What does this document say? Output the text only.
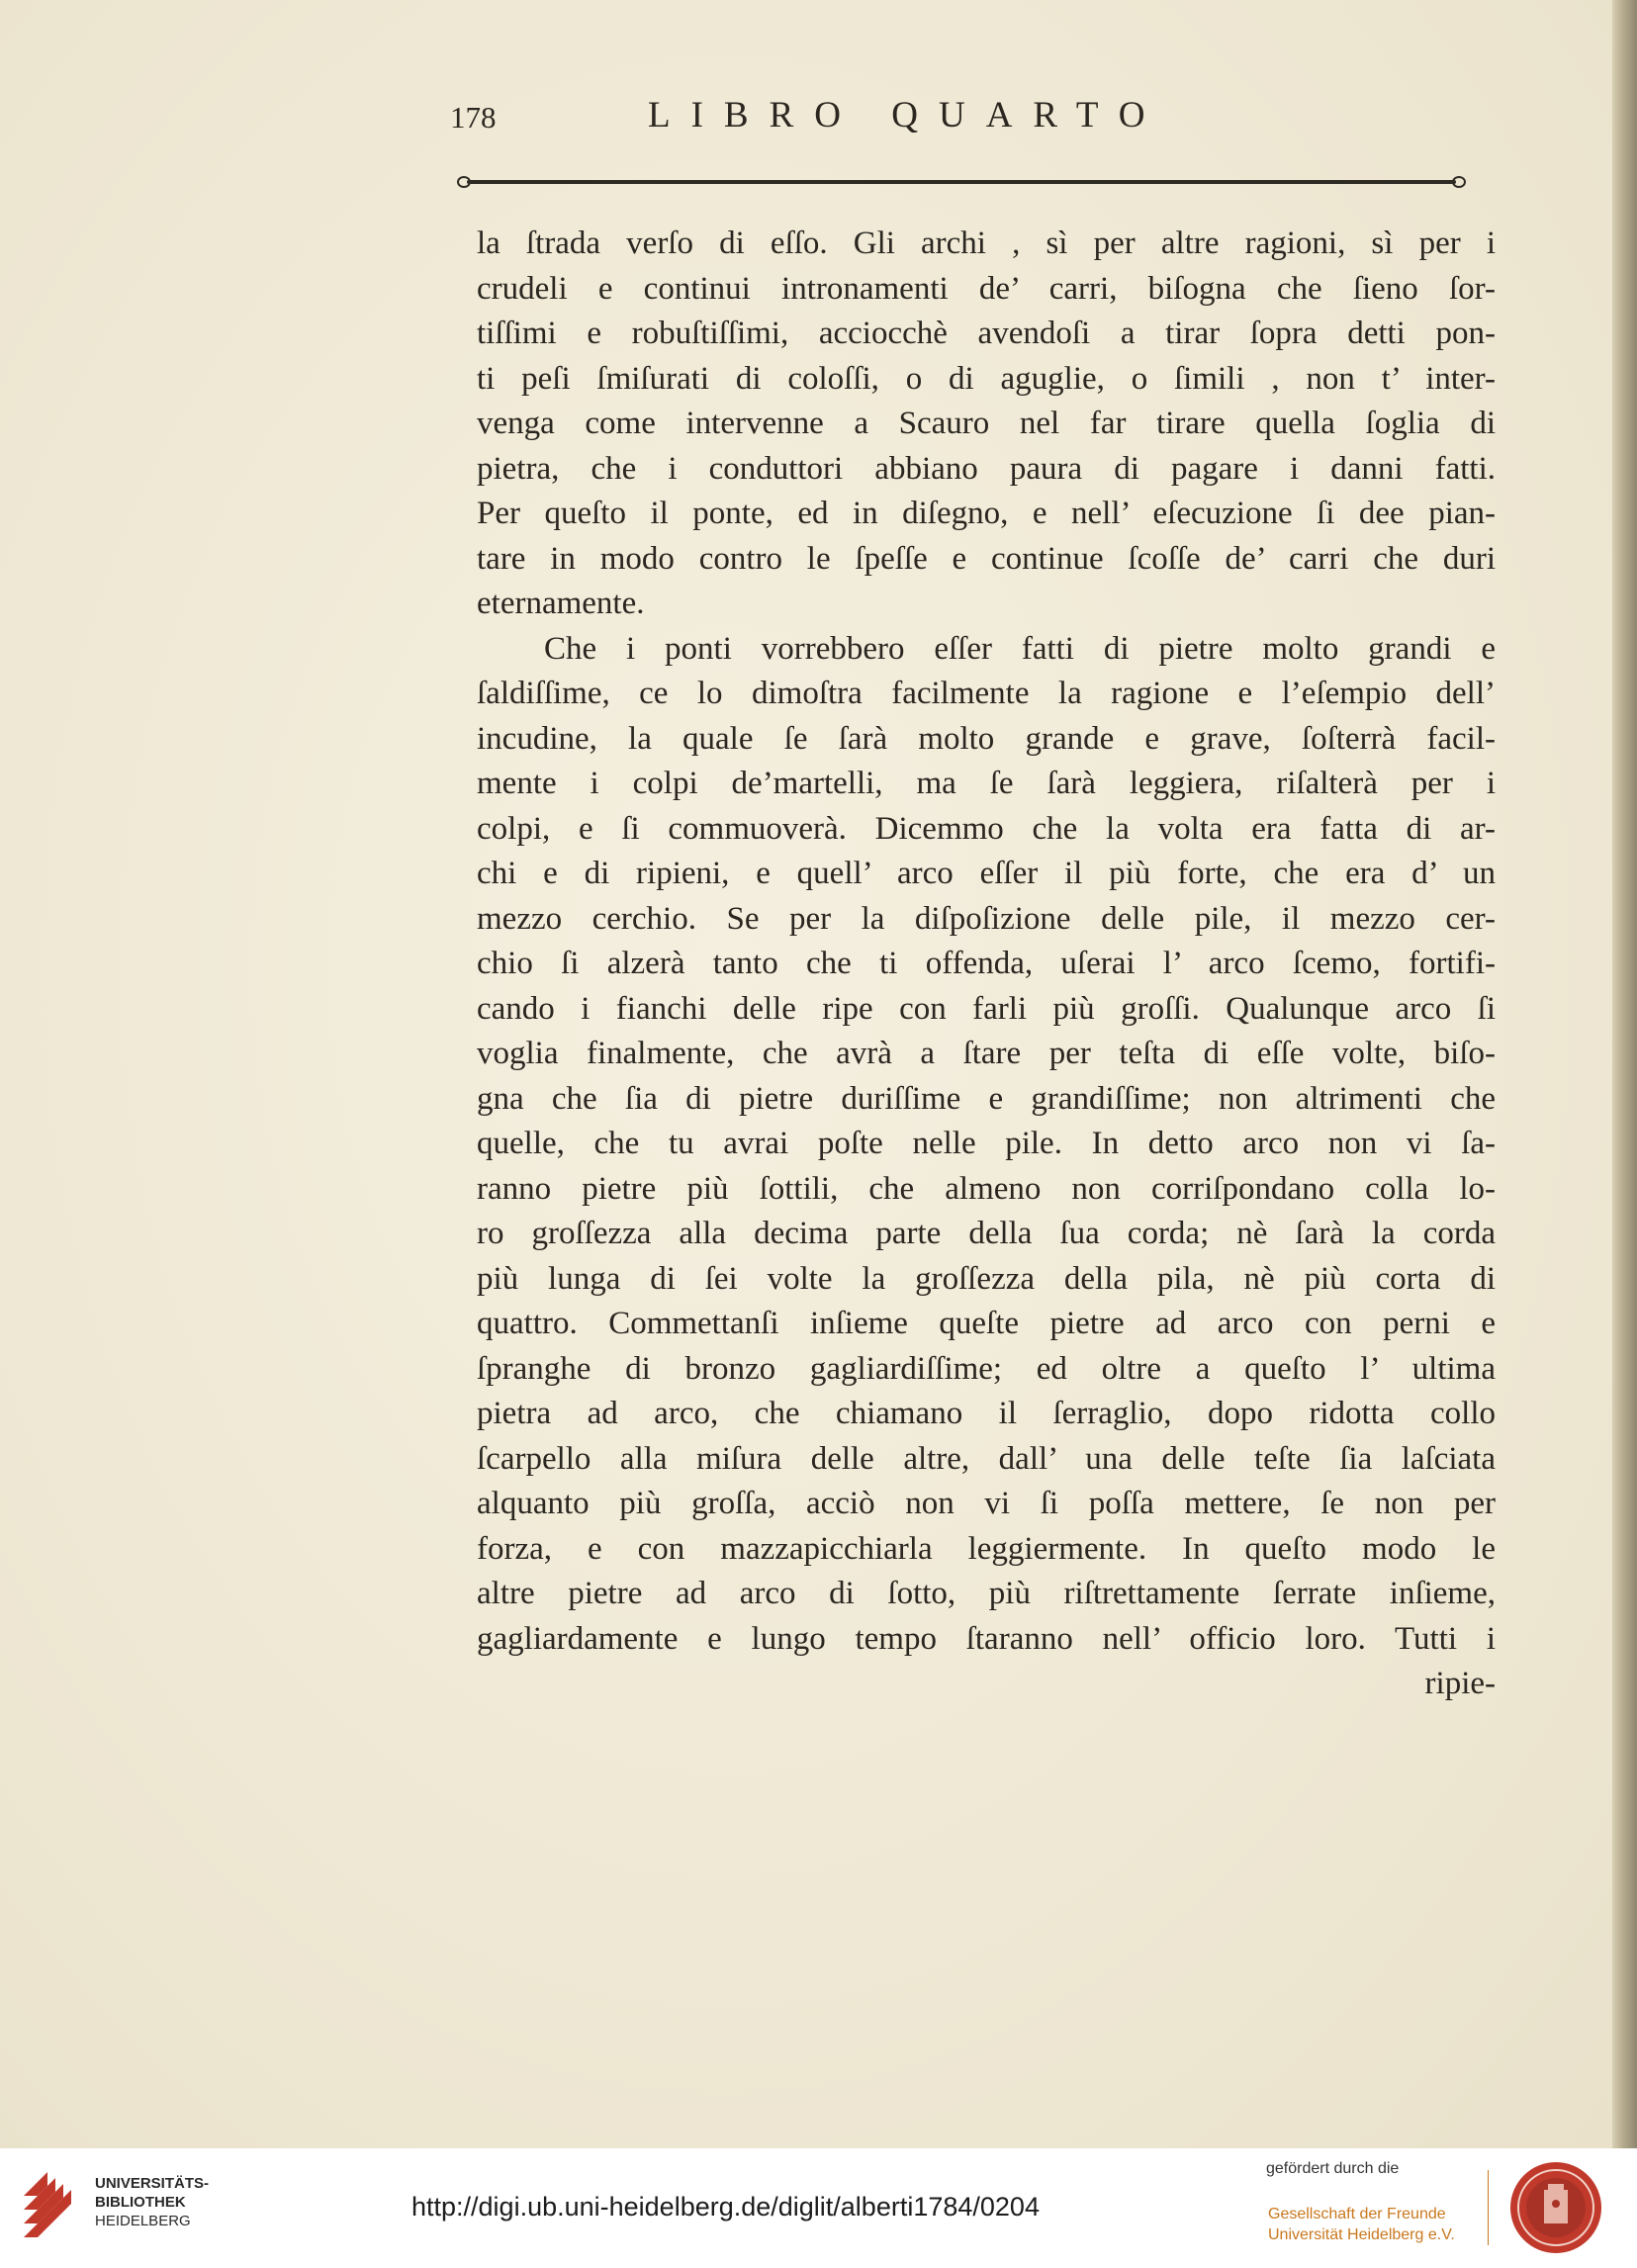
178	LIBRO QUARTO
la ſtrada verſo di eſſo. Gli archi , sì per altre ragioni, sì per i
crudeli e continui intronamenti de’ carri, biſogna che ſieno ſor-
tiſſimi e robuſtiſſimi, acciocchè avendoſi a tirar ſopra detti pon-
ti peſi ſmiſurati di coloſſi, o di aguglie, o ſimili , non t’ inter-
venga come intervenne a Scauro nel far tirare quella ſoglia di
pietra, che i conduttori abbiano paura di pagare i danni fatti.
Per queſto il ponte, ed in diſegno, e nell’ eſecuzione ſi dee pian-
tare in modo contro le ſpeſſe e continue ſcoſſe de’ carri che duri
eternamente.
Che i ponti vorrebbero eſſer fatti di pietre molto grandi e
ſaldiſſime, ce lo dimoſtra facilmente la ragione e l’eſempio dell’
incudine, la quale ſe ſarà molto grande e grave, ſoſterrà facil-
mente i colpi de’martelli, ma ſe ſarà leggiera, riſalterà per i
colpi, e ſi commuoverà. Dicemmo che la volta era fatta di ar-
chi e di ripieni, e quell’ arco eſſer il più forte, che era d’ un
mezzo cerchio. Se per la diſpoſizione delle pile, il mezzo cer-
chio ſi alzerà tanto che ti offenda, uſerai l’ arco ſcemo, fortifi-
cando i fianchi delle ripe con farli più groſſi. Qualunque arco ſi
voglia finalmente, che avrà a ſtare per teſta di eſſe volte, biſo-
gna che ſia di pietre duriſſime e grandiſſime; non altrimenti che
quelle, che tu avrai poſte nelle pile. In detto arco non vi ſa-
ranno pietre più ſottili, che almeno non corriſpondano colla lo-
ro groſſezza alla decima parte della ſua corda; nè ſarà la corda
più lunga di ſei volte la groſſezza della pila, nè più corta di
quattro. Commettanſi inſieme queſte pietre ad arco con perni e
ſpranghe di bronzo gagliardiſſime; ed oltre a queſto l’ ultima
pietra ad arco, che chiamano il ſerraglio, dopo ridotta collo
ſcarpello alla miſura delle altre, dall’ una delle teſte ſia laſciata
alquanto più groſſa, acciò non vi ſi poſſa mettere, ſe non per
forza, e con mazzapicchiarla leggiermente. In queſto modo le
altre pietre ad arco di ſotto, più riſtrettamente ſerrate inſieme,
gagliardamente e lungo tempo ſtaranno nell’ officio loro. Tutti i
ripie-
UNIVERSITÄTS-
BIBLIOTHEK
HEIDELBERG	http://digi.ub.uni-heidelberg.de/diglit/alberti1784/0204
gefördert durch die
Gesellschaft der Freunde
Universität Heidelberg e.V.
